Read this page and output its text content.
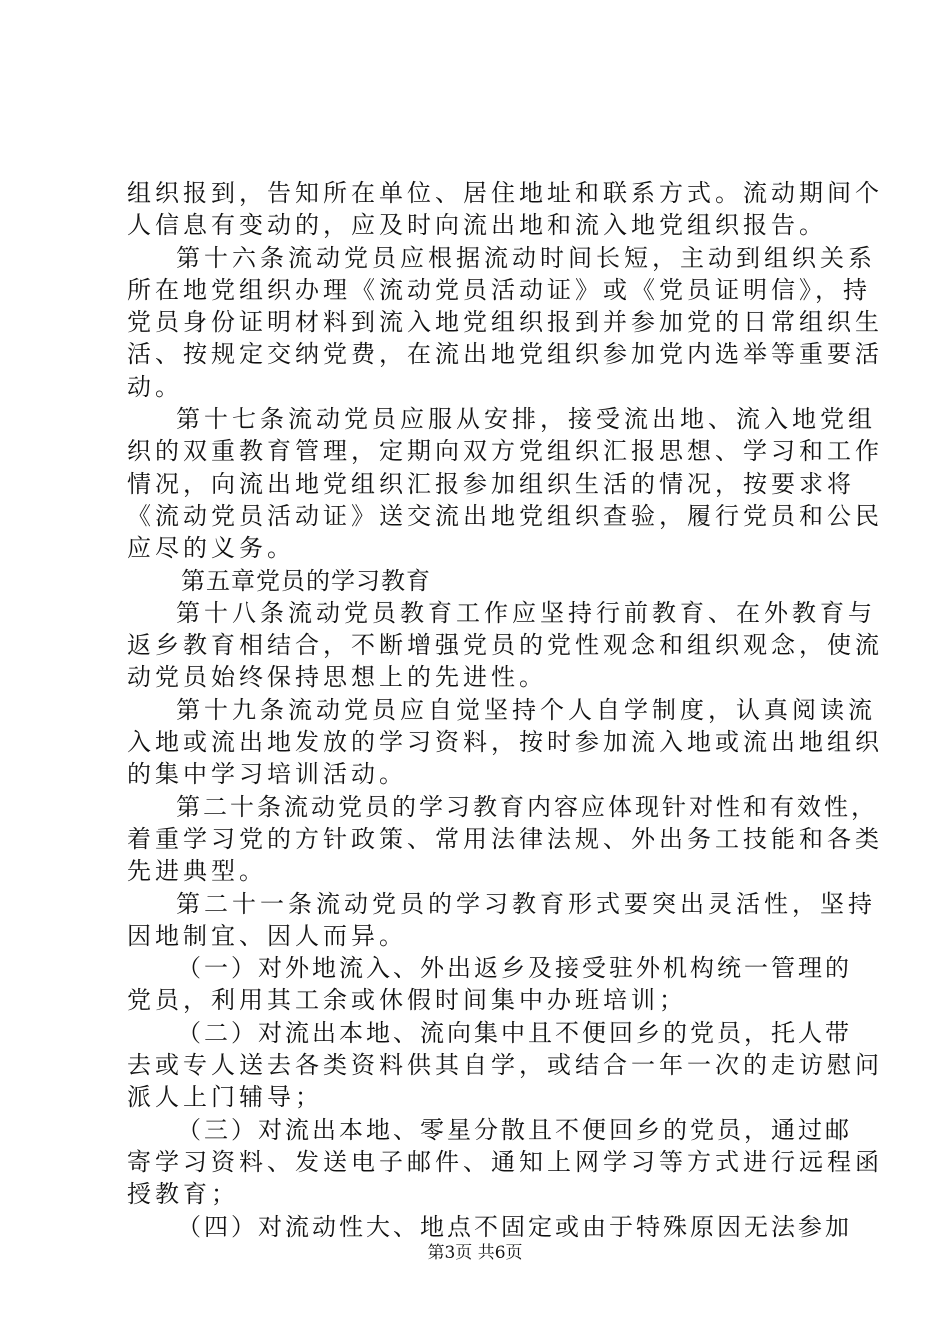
组织报到，告知所在单位、居住地址和联系方式。流动期间个
人信息有变动的，应及时向流出地和流入地党组织报告。
第十六条流动党员应根据流动时间长短，主动到组织关系
所在地党组织办理《流动党员活动证》或《党员证明信》，持
党员身份证明材料到流入地党组织报到并参加党的日常组织生
活、按规定交纳党费，在流出地党组织参加党内选举等重要活
动。
第十七条流动党员应服从安排，接受流出地、流入地党组
织的双重教育管理，定期向双方党组织汇报思想、学习和工作
情况，向流出地党组织汇报参加组织生活的情况，按要求将
《流动党员活动证》送交流出地党组织查验，履行党员和公民
应尽的义务。
第五章党员的学习教育
第十八条流动党员教育工作应坚持行前教育、在外教育与
返乡教育相结合，不断增强党员的党性观念和组织观念，使流
动党员始终保持思想上的先进性。
第十九条流动党员应自觉坚持个人自学制度，认真阅读流
入地或流出地发放的学习资料，按时参加流入地或流出地组织
的集中学习培训活动。
第二十条流动党员的学习教育内容应体现针对性和有效性，
着重学习党的方针政策、常用法律法规、外出务工技能和各类
先进典型。
第二十一条流动党员的学习教育形式要突出灵活性，坚持
因地制宜、因人而异。
（一）对外地流入、外出返乡及接受驻外机构统一管理的
党员，利用其工余或休假时间集中办班培训；
（二）对流出本地、流向集中且不便回乡的党员，托人带
去或专人送去各类资料供其自学，或结合一年一次的走访慰问
派人上门辅导；
（三）对流出本地、零星分散且不便回乡的党员，通过邮
寄学习资料、发送电子邮件、通知上网学习等方式进行远程函
授教育；
（四）对流动性大、地点不固定或由于特殊原因无法参加
第3页 共6页
